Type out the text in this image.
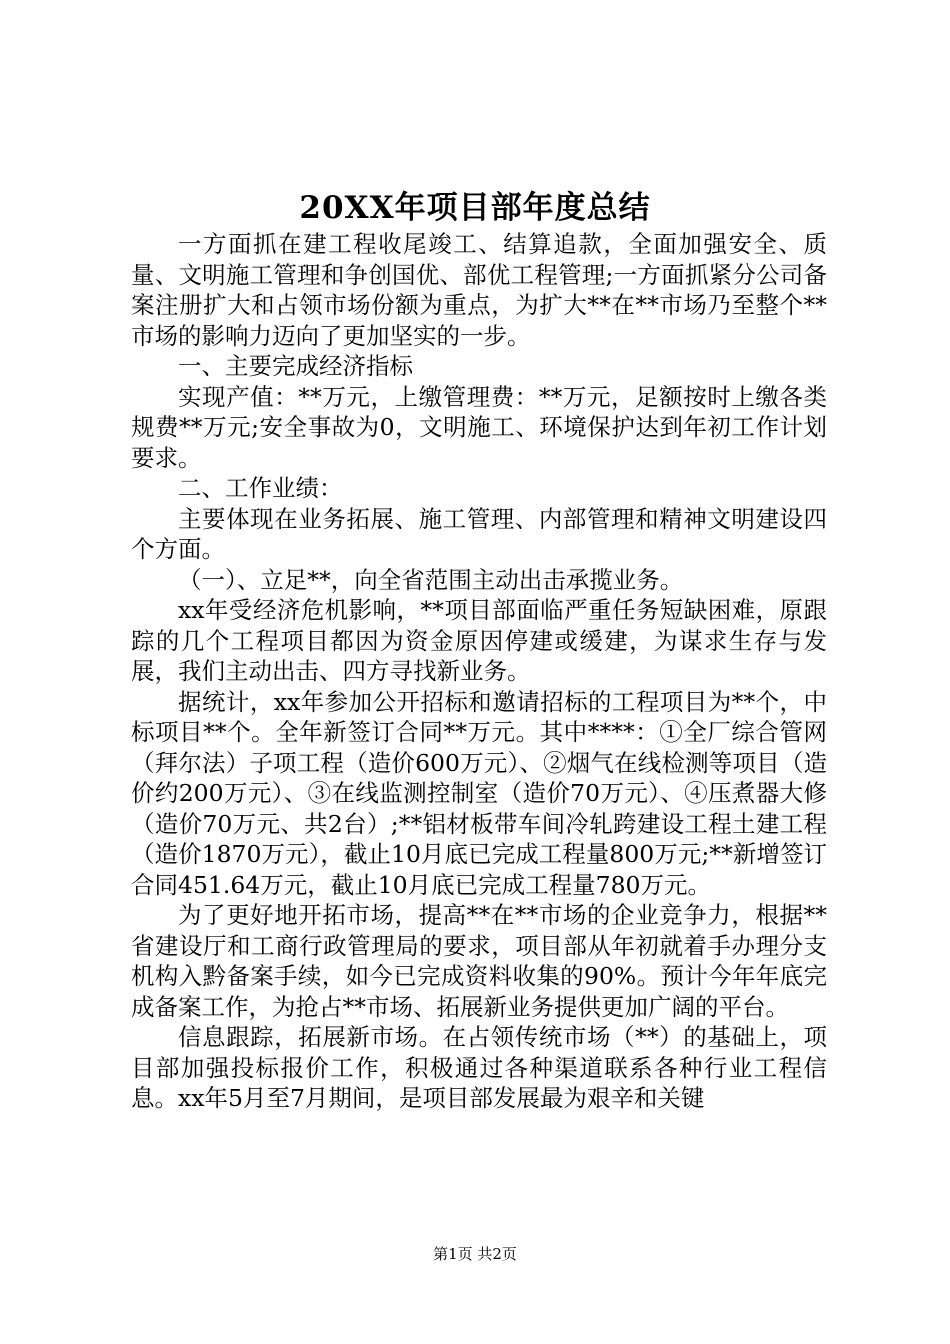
20XX年项目部年度总结

一方面抓在建工程收尾竣工、结算追款，全面加强安全、质量、文明施工管理和争创国优、部优工程管理;一方面抓紧分公司备案注册扩大和占领市场份额为重点，为扩大**在**市场乃至整个**市场的影响力迈向了更加坚实的一步。

一、主要完成经济指标

实现产值：**万元，上缴管理费：**万元，足额按时上缴各类规费**万元;安全事故为0，文明施工、环境保护达到年初工作计划要求。

二、工作业绩：

主要体现在业务拓展、施工管理、内部管理和精神文明建设四个方面。

（一）、立足**，向全省范围主动出击承揽业务。

xx年受经济危机影响，**项目部面临严重任务短缺困难，原跟踪的几个工程项目都因为资金原因停建或缓建，为谋求生存与发展，我们主动出击、四方寻找新业务。

据统计，xx年参加公开招标和邀请招标的工程项目为**个，中标项目**个。全年新签订合同**万元。其中****：①全厂综合管网（拜尔法）子项工程（造价600万元）、②烟气在线检测等项目（造价约200万元）、③在线监测控制室（造价70万元）、④压煮器大修（造价70万元、共2台）;**铝材板带车间冷轧跨建设工程土建工程（造价1870万元），截止10月底已完成工程量800万元;**新增签订合同451.64万元，截止10月底已完成工程量780万元。

为了更好地开拓市场，提高**在**市场的企业竞争力，根据**省建设厅和工商行政管理局的要求，项目部从年初就着手办理分支机构入黔备案手续，如今已完成资料收集的90%。预计今年年底完成备案工作，为抢占**市场、拓展新业务提供更加广阔的平台。

信息跟踪，拓展新市场。在占领传统市场（**）的基础上，项目部加强投标报价工作，积极通过各种渠道联系各种行业工程信息。xx年5月至7月期间，是项目部发展最为艰辛和关键

第1页 共2页
